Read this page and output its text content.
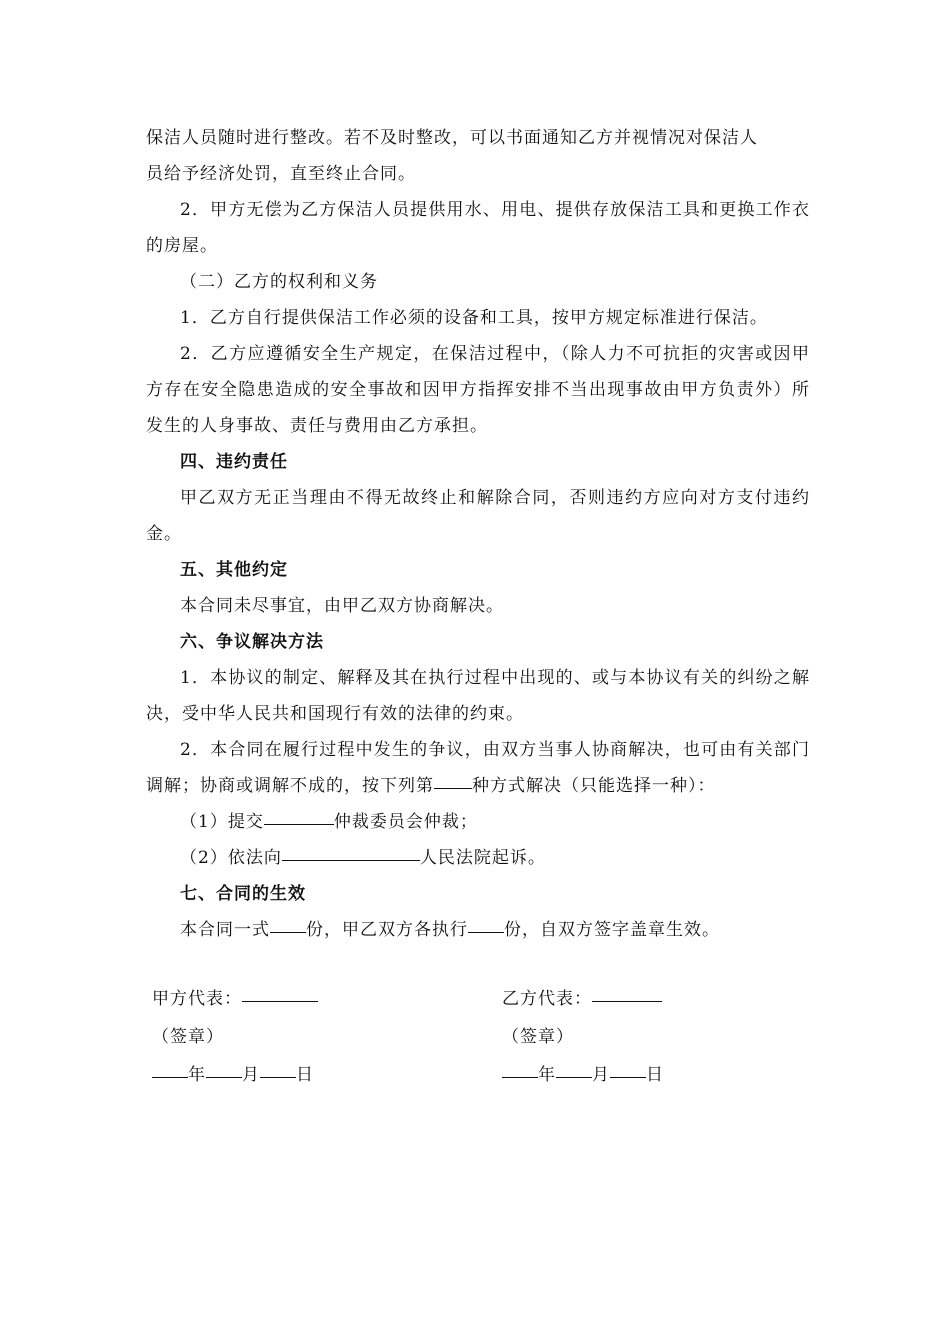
保洁人员随时进行整改。若不及时整改，可以书面通知乙方并视情况对保洁人
员给予经济处罚，直至终止合同。

2．甲方无偿为乙方保洁人员提供用水、用电、提供存放保洁工具和更换工作衣的房屋。

（二）乙方的权利和义务

1．乙方自行提供保洁工作必须的设备和工具，按甲方规定标准进行保洁。

2．乙方应遵循安全生产规定，在保洁过程中，（除人力不可抗拒的灾害或因甲方存在安全隐患造成的安全事故和因甲方指挥安排不当出现事故由甲方负责外）所发生的人身事故、责任与费用由乙方承担。

四、违约责任

甲乙双方无正当理由不得无故终止和解除合同，否则违约方应向对方支付违约金。

五、其他约定

本合同未尽事宜，由甲乙双方协商解决。

六、争议解决方法

1．本协议的制定、解释及其在执行过程中出现的、或与本协议有关的纠纷之解决，受中华人民共和国现行有效的法律的约束。

2．本合同在履行过程中发生的争议，由双方当事人协商解决，也可由有关部门调解；协商或调解不成的，按下列第 种方式解决（只能选择一种）：

（1）提交	仲裁委员会仲裁；

（2）依法向	人民法院起诉。

七、合同的生效

本合同一式 份，甲乙双方各执行 份，自双方签字盖章生效。

甲方代表：

（签章）

年 月 日

乙方代表：

（签章）

年 月 日
